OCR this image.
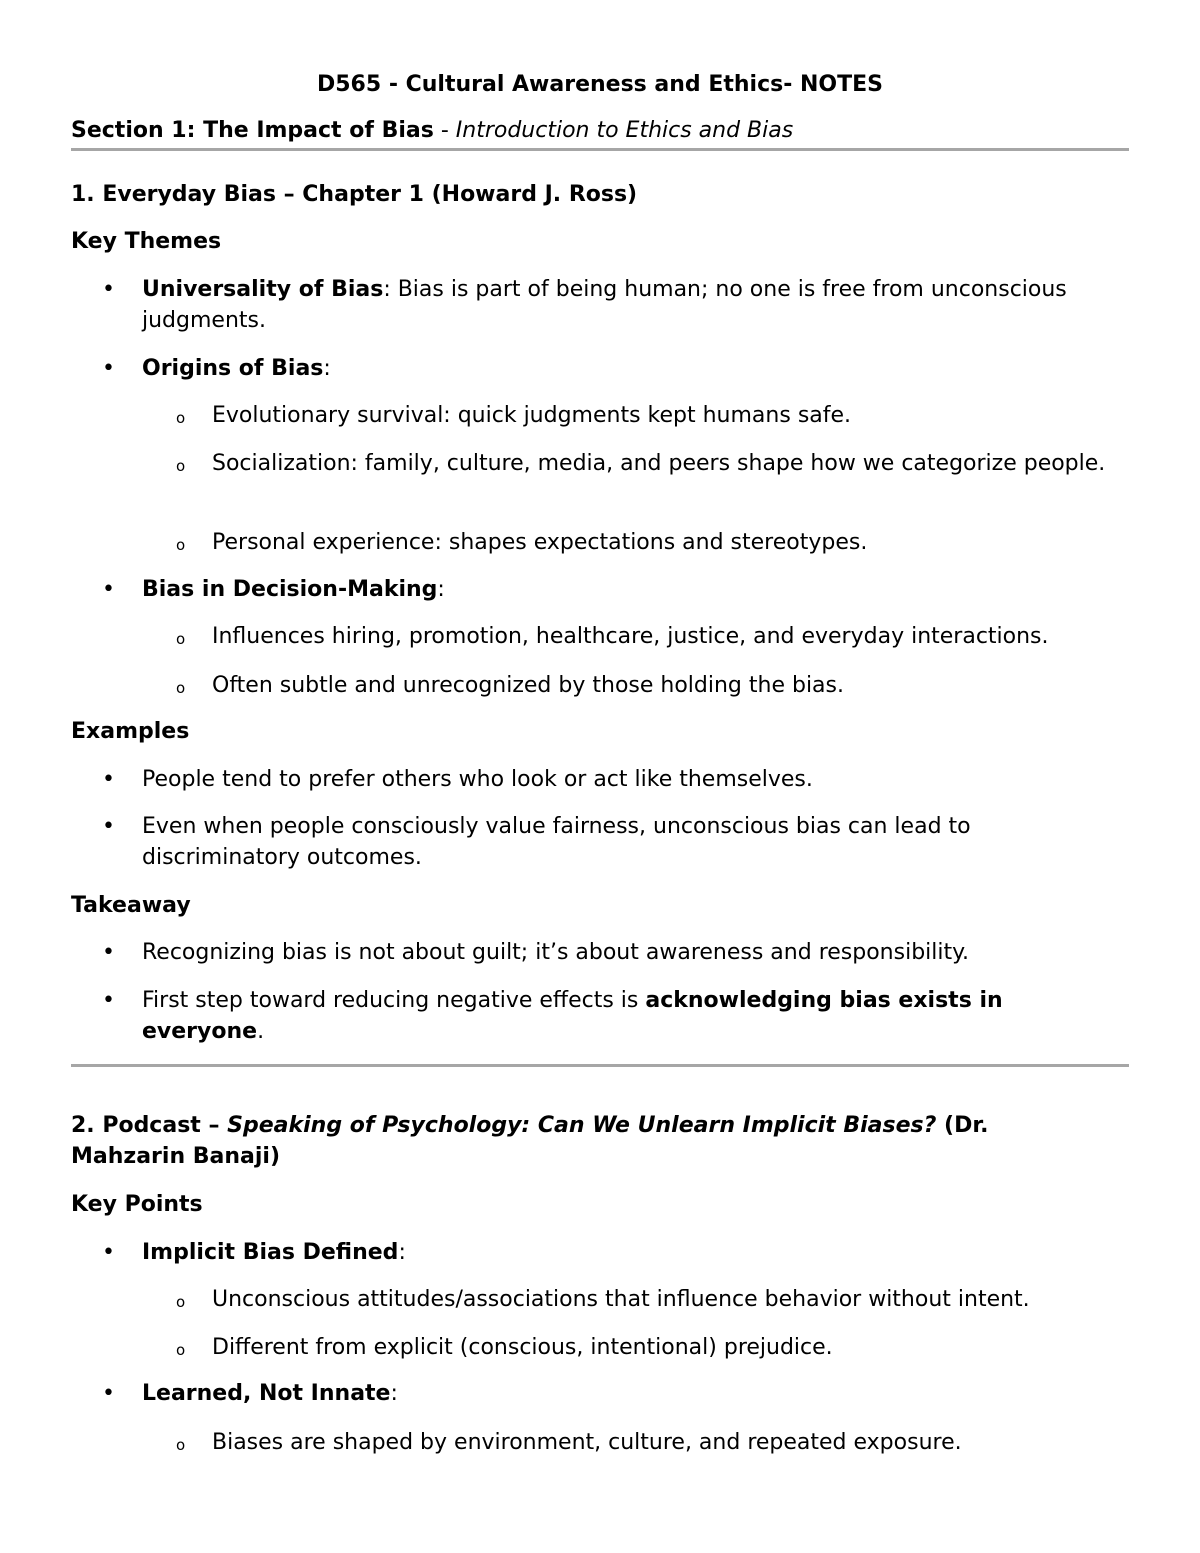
D565 - Cultural Awareness and Ethics- NOTES
Section 1: The Impact of Bias - Introduction to Ethics and Bias
1. Everyday Bias – Chapter 1 (Howard J. Ross)
Key Themes
• Universality of Bias: Bias is part of being human; no one is free from unconscious judgments.
• Origins of Bias:
o Evolutionary survival: quick judgments kept humans safe.
o Socialization: family, culture, media, and peers shape how we categorize people.
o Personal experience: shapes expectations and stereotypes.
• Bias in Decision-Making:
o Influences hiring, promotion, healthcare, justice, and everyday interactions.
o Often subtle and unrecognized by those holding the bias.
Examples
• People tend to prefer others who look or act like themselves.
• Even when people consciously value fairness, unconscious bias can lead to discriminatory outcomes.
Takeaway
• Recognizing bias is not about guilt; it’s about awareness and responsibility.
• First step toward reducing negative effects is acknowledging bias exists in everyone.
2. Podcast – Speaking of Psychology: Can We Unlearn Implicit Biases? (Dr. Mahzarin Banaji)
Key Points
• Implicit Bias Defined:
o Unconscious attitudes/associations that influence behavior without intent.
o Different from explicit (conscious, intentional) prejudice.
• Learned, Not Innate:
o Biases are shaped by environment, culture, and repeated exposure.
